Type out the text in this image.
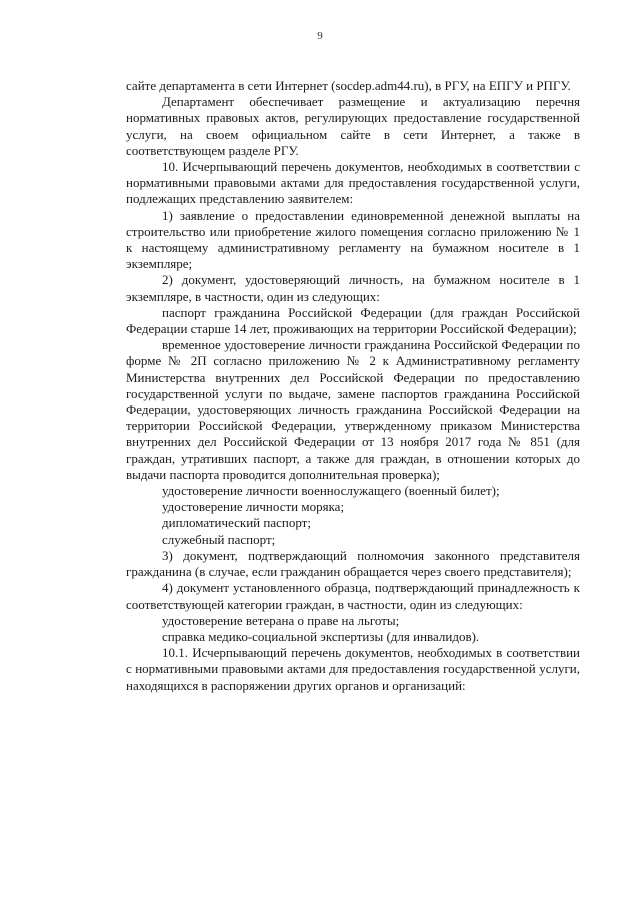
9

сайте департамента в сети Интернет (socdep.adm44.ru), в РГУ, на ЕПГУ и РПГУ.

Департамент обеспечивает размещение и актуализацию перечня нормативных правовых актов, регулирующих предоставление государственной услуги, на своем официальном сайте в сети Интернет, а также в соответствующем разделе РГУ.

10. Исчерпывающий перечень документов, необходимых в соответствии с нормативными правовыми актами для предоставления государственной услуги, подлежащих представлению заявителем:

1) заявление о предоставлении единовременной денежной выплаты на строительство или приобретение жилого помещения согласно приложению № 1 к настоящему административному регламенту на бумажном носителе в 1 экземпляре;

2) документ, удостоверяющий личность, на бумажном носителе в 1 экземпляре, в частности, один из следующих:

паспорт гражданина Российской Федерации (для граждан Российской Федерации старше 14 лет, проживающих на территории Российской Федерации);

временное удостоверение личности гражданина Российской Федерации по форме № 2П согласно приложению № 2 к Административному регламенту Министерства внутренних дел Российской Федерации по предоставлению государственной услуги по выдаче, замене паспортов гражданина Российской Федерации, удостоверяющих личность гражданина Российской Федерации на территории Российской Федерации, утвержденному приказом Министерства внутренних дел Российской Федерации от 13 ноября 2017 года № 851 (для граждан, утративших паспорт, а также для граждан, в отношении которых до выдачи паспорта проводится дополнительная проверка);

удостоверение личности военнослужащего (военный билет);

удостоверение личности моряка;

дипломатический паспорт;

служебный паспорт;

3) документ, подтверждающий полномочия законного представителя гражданина (в случае, если гражданин обращается через своего представителя);

4) документ установленного образца, подтверждающий принадлежность к соответствующей категории граждан, в частности, один из следующих:

удостоверение ветерана о праве на льготы;

справка медико-социальной экспертизы (для инвалидов).

10.1. Исчерпывающий перечень документов, необходимых в соответствии с нормативными правовыми актами для предоставления государственной услуги, находящихся в распоряжении других органов и организаций:
